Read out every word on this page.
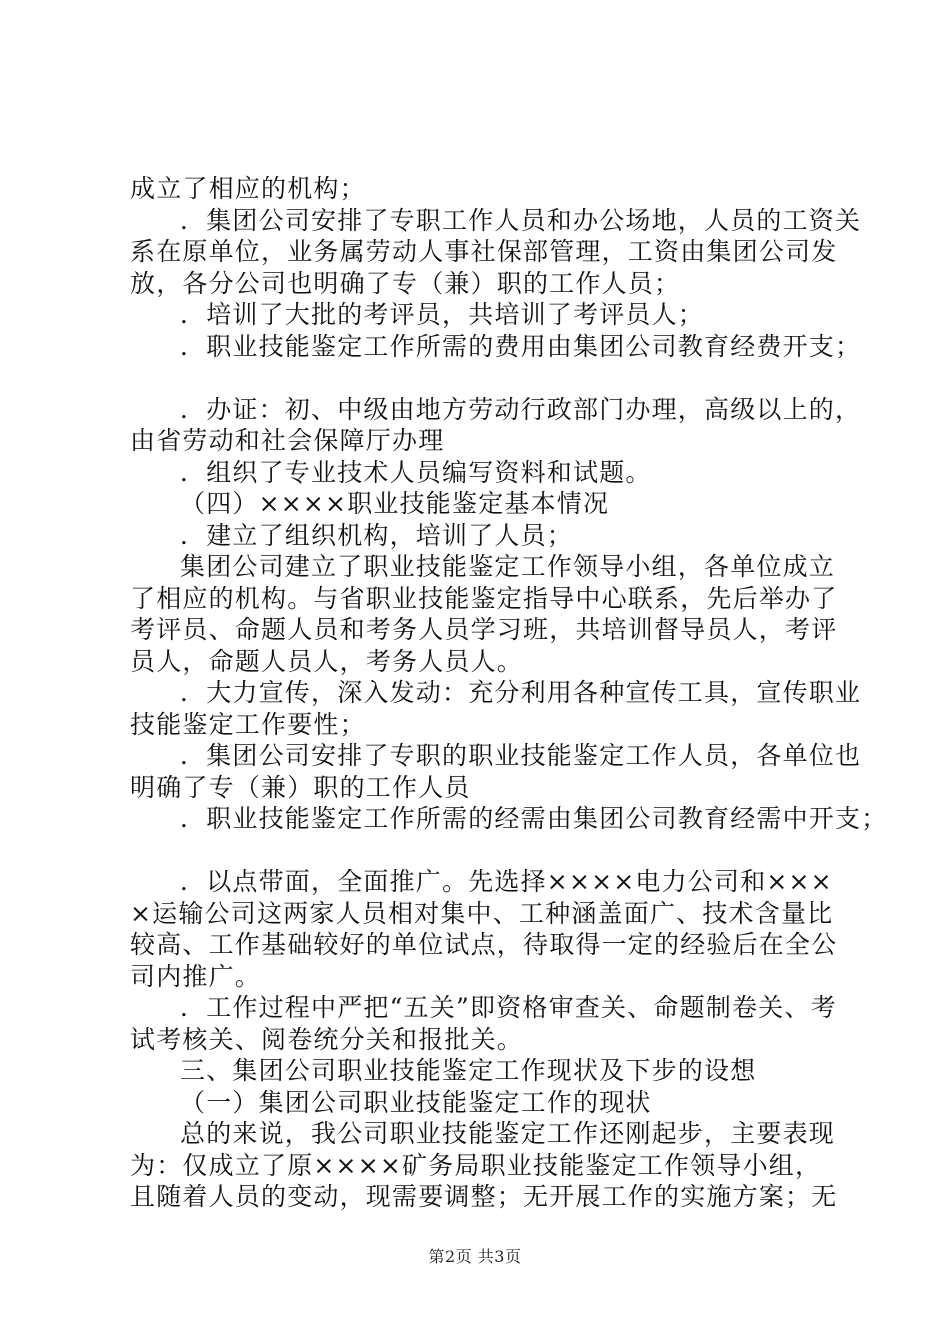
成立了相应的机构；
．集团公司安排了专职工作人员和办公场地，人员的工资关
系在原单位，业务属劳动人事社保部管理，工资由集团公司发
放，各分公司也明确了专（兼）职的工作人员；
．培训了大批的考评员，共培训了考评员人；
．职业技能鉴定工作所需的费用由集团公司教育经费开支；
．办证：初、中级由地方劳动行政部门办理，高级以上的，
由省劳动和社会保障厅办理
．组织了专业技术人员编写资料和试题。
（四）××××职业技能鉴定基本情况
．建立了组织机构，培训了人员；
集团公司建立了职业技能鉴定工作领导小组，各单位成立
了相应的机构。与省职业技能鉴定指导中心联系，先后举办了
考评员、命题人员和考务人员学习班，共培训督导员人，考评
员人，命题人员人，考务人员人。
．大力宣传，深入发动：充分利用各种宣传工具，宣传职业
技能鉴定工作要性；
．集团公司安排了专职的职业技能鉴定工作人员，各单位也
明确了专（兼）职的工作人员
．职业技能鉴定工作所需的经需由集团公司教育经需中开支；
．以点带面，全面推广。先选择××××电力公司和×××
×运输公司这两家人员相对集中、工种涵盖面广、技术含量比
较高、工作基础较好的单位试点，待取得一定的经验后在全公
司内推广。
．工作过程中严把“五关”即资格审查关、命题制卷关、考
试考核关、阅卷统分关和报批关。
三、集团公司职业技能鉴定工作现状及下步的设想
（一）集团公司职业技能鉴定工作的现状
总的来说，我公司职业技能鉴定工作还刚起步，主要表现
为：仅成立了原××××矿务局职业技能鉴定工作领导小组，
且随着人员的变动，现需要调整；无开展工作的实施方案；无
第2页 共3页
